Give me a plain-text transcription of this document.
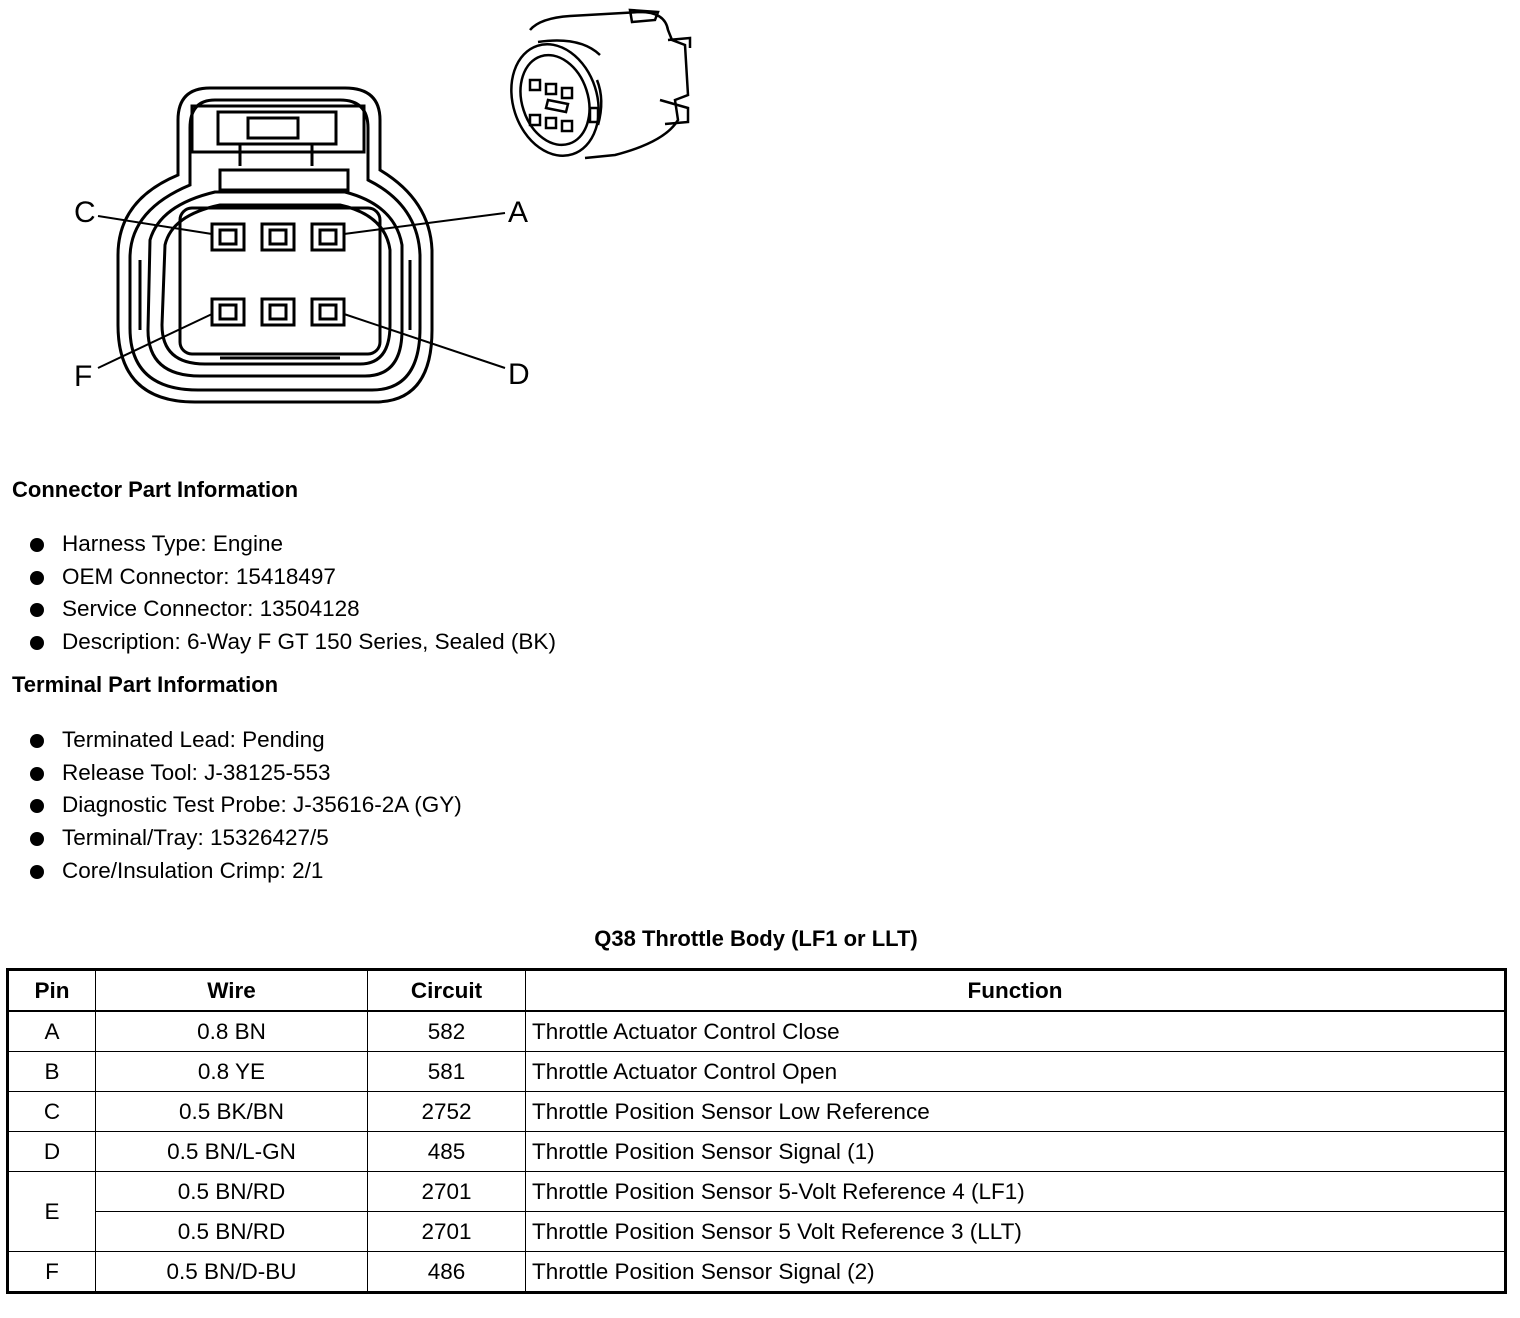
C	A
F	D
Connector Part Information
Harness Type: Engine
OEM Connector: 15418497
Service Connector: 13504128
Description: 6-Way F GT 150 Series, Sealed (BK)
Terminal Part Information
Terminated Lead: Pending
Release Tool: J-38125-553
Diagnostic Test Probe: J-35616-2A (GY)
Terminal/Tray: 15326427/5
Core/Insulation Crimp: 2/1
Q38 Throttle Body (LF1 or LLT)
Pin	Wire	Circuit	Function
A	0.8 BN	582	Throttle Actuator Control Close
B	0.8 YE	581	Throttle Actuator Control Open
C	0.5 BK/BN	2752	Throttle Position Sensor Low Reference
D	0.5 BN/L-GN	485	Throttle Position Sensor Signal (1)
E	0.5 BN/RD	2701	Throttle Position Sensor 5-Volt Reference 4 (LF1)
	0.5 BN/RD	2701	Throttle Position Sensor 5 Volt Reference 3 (LLT)
F	0.5 BN/D-BU	486	Throttle Position Sensor Signal (2)
